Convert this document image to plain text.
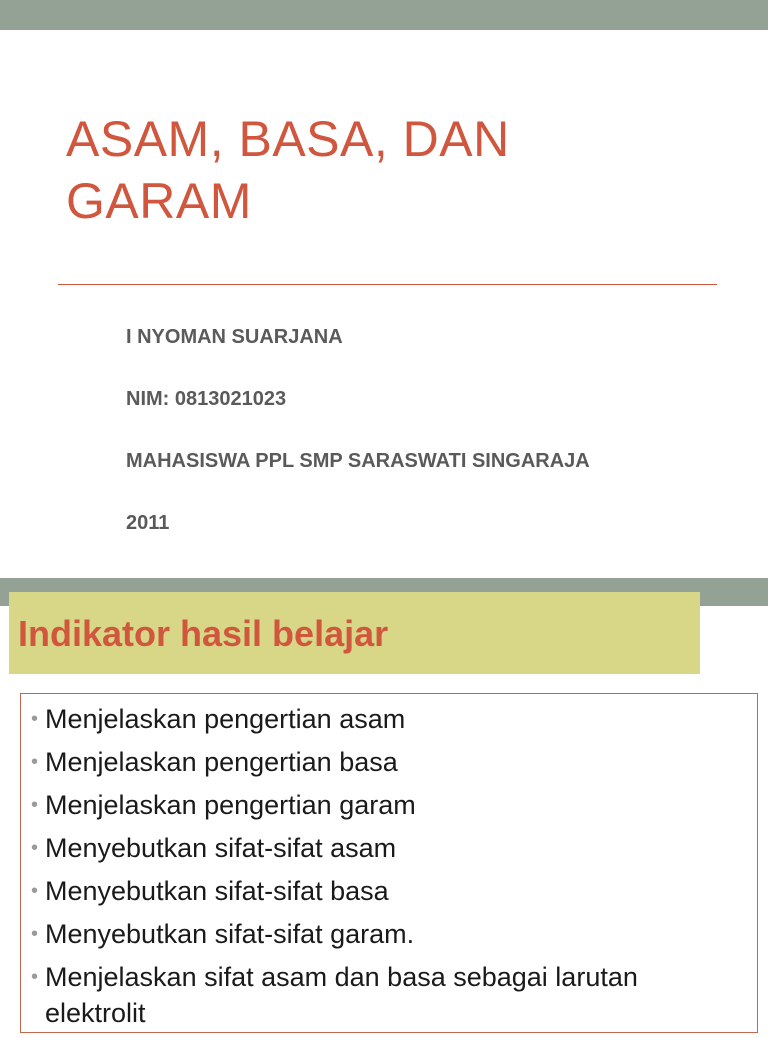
ASAM, BASA, DAN GARAM

I NYOMAN SUARJANA

NIM: 0813021023

MAHASISWA PPL SMP SARASWATI SINGARAJA

2011

Indikator hasil belajar
• Menjelaskan pengertian asam
• Menjelaskan pengertian basa
• Menjelaskan pengertian garam
• Menyebutkan sifat-sifat asam
• Menyebutkan sifat-sifat basa
• Menyebutkan sifat-sifat garam.
• Menjelaskan sifat asam dan basa sebagai larutan elektrolit
